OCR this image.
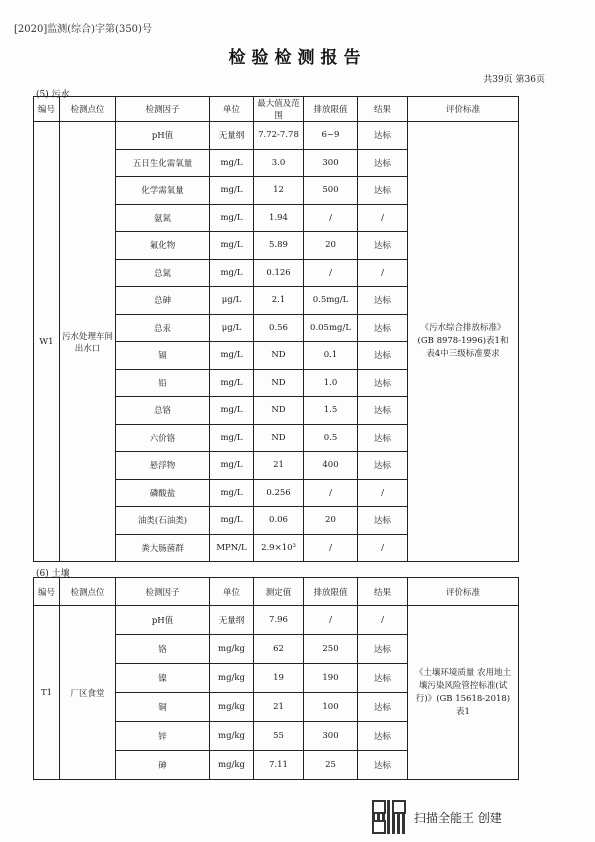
[2020]监测(综合)字第(350)号
检验检测报告
共39页 第36页
(5) 污水
编号	检测点位	检测因子	单位	最大值及范围	排放限值	结果	评价标准
W1	污水处理车间出水口	pH值	无量纲	7.72-7.78	6~9	达标	《污水综合排放标准》(GB 8978-1996)表1和表4中三级标准要求
		五日生化需氧量	mg/L	3.0	300	达标	
		化学需氧量	mg/L	12	500	达标	
		氨氮	mg/L	1.94	/	/	
		氟化物	mg/L	5.89	20	达标	
		总氮	mg/L	0.126	/	/	
		总砷	μg/L	2.1	0.5mg/L	达标	
		总汞	μg/L	0.56	0.05mg/L	达标	
		镉	mg/L	ND	0.1	达标	
		铅	mg/L	ND	1.0	达标	
		总铬	mg/L	ND	1.5	达标	
		六价铬	mg/L	ND	0.5	达标	
		悬浮物	mg/L	21	400	达标	
		磷酸盐	mg/L	0.256	/	/	
		油类(石油类)	mg/L	0.06	20	达标	
		粪大肠菌群	MPN/L	2.9×10³	/	/	
(6) 土壤
编号	检测点位	检测因子	单位	测定值	排放限值	结果	评价标准
T1	厂区食堂	pH值	无量纲	7.96	/	/	《土壤环境质量 农用地土壤污染风险管控标准(试行)》(GB 15618-2018)表1
		铬	mg/kg	62	250	达标	
		镍	mg/kg	19	190	达标	
		铜	mg/kg	21	100	达标	
		锌	mg/kg	55	300	达标	
		砷	mg/kg	7.11	25	达标	
扫描全能王 创建
